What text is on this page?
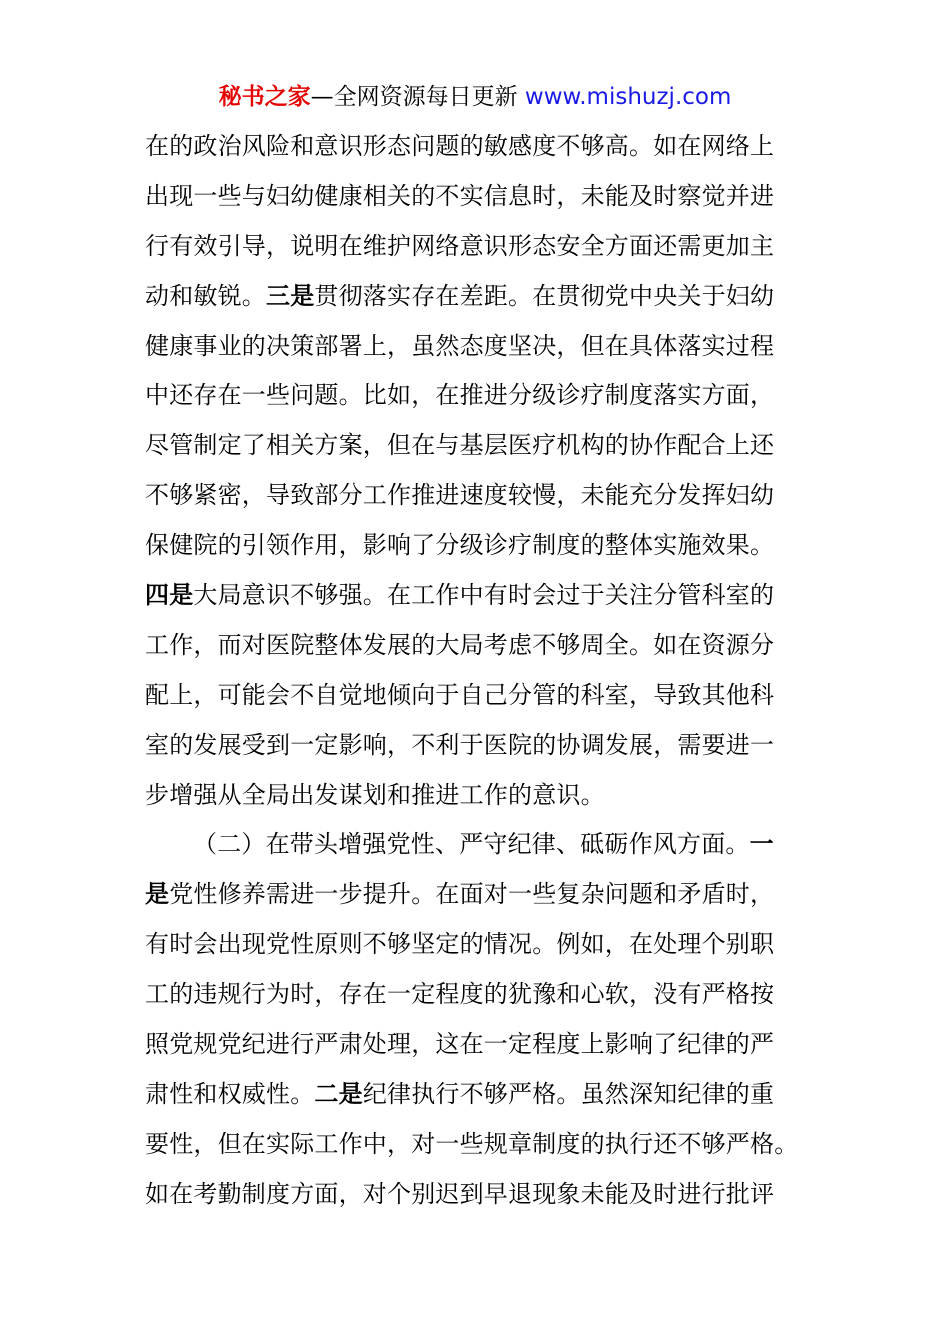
秘书之家—全网资源每日更新 www.mishuzj.com
在的政治风险和意识形态问题的敏感度不够高。如在网络上
出现一些与妇幼健康相关的不实信息时，未能及时察觉并进
行有效引导，说明在维护网络意识形态安全方面还需更加主
动和敏锐。三是贯彻落实存在差距。在贯彻党中央关于妇幼
健康事业的决策部署上，虽然态度坚决，但在具体落实过程
中还存在一些问题。比如，在推进分级诊疗制度落实方面，
尽管制定了相关方案，但在与基层医疗机构的协作配合上还
不够紧密，导致部分工作推进速度较慢，未能充分发挥妇幼
保健院的引领作用，影响了分级诊疗制度的整体实施效果。
四是大局意识不够强。在工作中有时会过于关注分管科室的
工作，而对医院整体发展的大局考虑不够周全。如在资源分
配上，可能会不自觉地倾向于自己分管的科室，导致其他科
室的发展受到一定影响，不利于医院的协调发展，需要进一
步增强从全局出发谋划和推进工作的意识。
（二）在带头增强党性、严守纪律、砥砺作风方面。一
是党性修养需进一步提升。在面对一些复杂问题和矛盾时，
有时会出现党性原则不够坚定的情况。例如，在处理个别职
工的违规行为时，存在一定程度的犹豫和心软，没有严格按
照党规党纪进行严肃处理，这在一定程度上影响了纪律的严
肃性和权威性。二是纪律执行不够严格。虽然深知纪律的重
要性，但在实际工作中，对一些规章制度的执行还不够严格。
如在考勤制度方面，对个别迟到早退现象未能及时进行批评
